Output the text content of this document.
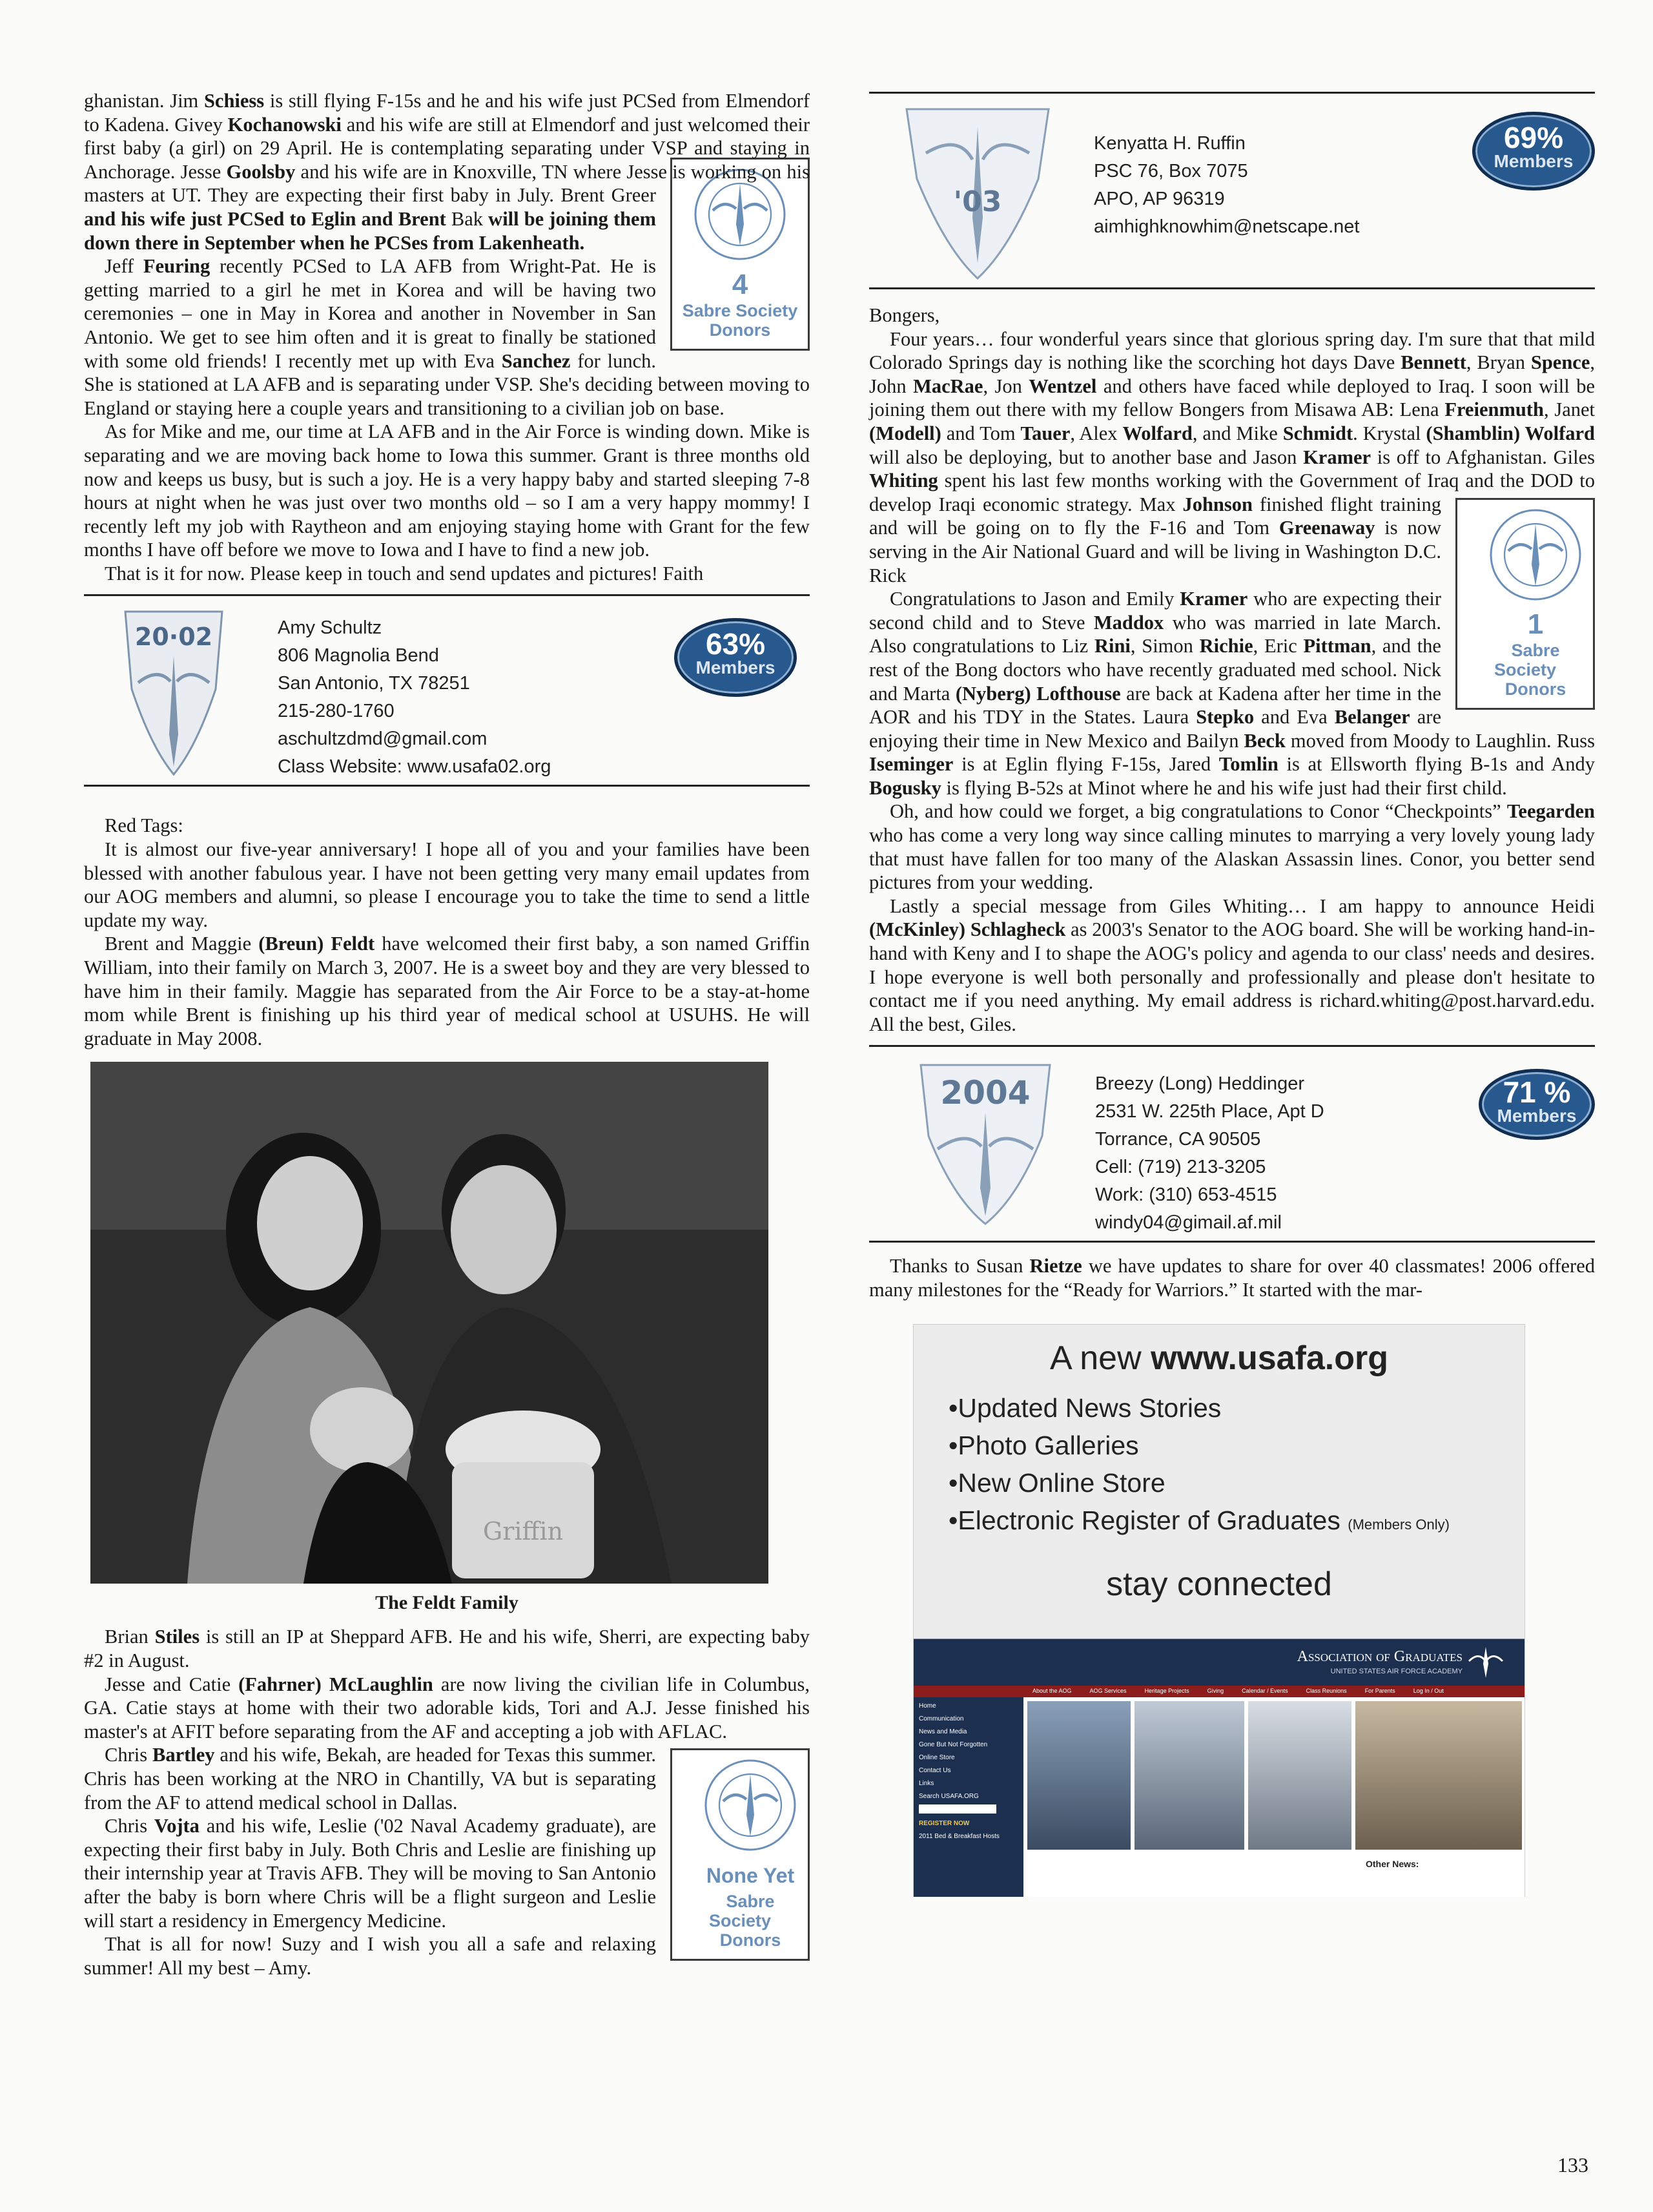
ghanistan. Jim Schiess is still flying F-15s and he and his wife just PCSed from Elmendorf to Kadena. Givey Kochanowski and his wife are still at Elmendorf and just welcomed their first baby (a girl) on 29 April. He is contemplating separating under VSP and staying in Anchorage. Jesse Goolsby and his wife are in Knoxville, TN where Jesse is working on his masters at UT. They are expecting their first baby in July. Brent
4
Sabre Society
Donors
Greer and his wife just PCSed to Eglin and Brent Bak will be joining them down there in September when he PCSes from Lakenheath.

Jeff Feuring recently PCSed to LA AFB from Wright-Pat. He is getting married to a girl he met in Korea and will be having two ceremonies – one in May in Korea and another in November in San Antonio. We get to see him often and it is great to finally be stationed with some old friends! I recently met up with Eva Sanchez for lunch. She is stationed at LA AFB and is separating under VSP. She's deciding between moving to England or staying here a couple years and transitioning to a civilian job on base.

As for Mike and me, our time at LA AFB and in the Air Force is winding down. Mike is separating and we are moving back home to Iowa this summer. Grant is three months old now and keeps us busy, but is such a joy. He is a very happy baby and started sleeping 7-8 hours at night when he was just over two months old – so I am a very happy mommy! I recently left my job with Raytheon and am enjoying staying home with Grant for the few months I have off before we move to Iowa and I have to find a new job.

That is it for now. Please keep in touch and send updates and pictures! Faith

20·02	Amy Schultz
806 Magnolia Bend
San Antonio, TX 78251
215-280-1760
aschultzdmd@gmail.com
Class Website: www.usafa02.org
63%
Members

Red Tags:

It is almost our five-year anniversary! I hope all of you and your families have been blessed with another fabulous year. I have not been getting very many email updates from our AOG members and alumni, so please I encourage you to take the time to send a little update my way.

Brent and Maggie (Breun) Feldt have welcomed their first baby, a son named Griffin William, into their family on March 3, 2007. He is a sweet boy and they are very blessed to have him in their family. Maggie has separated from the Air Force to be a stay-at-home mom while Brent is finishing up his third year of medical school at USUHS. He will graduate in May 2008.

Griffin
The Feldt Family

Brian Stiles is still an IP at Sheppard AFB. He and his wife, Sherri, are expecting baby #2 in August.

Jesse and Catie (Fahrner) McLaughlin are now living the civilian life in Columbus, GA. Catie stays at home with their two adorable kids, Tori and A.J. Jesse finished his master's at AFIT before separating from the AF and accepting a job with AFLAC.
None Yet
Sabre Society
Donors

Chris Bartley and his wife, Bekah, are headed for Texas this summer. Chris has been working at the NRO in Chantilly, VA but is separating from the AF to attend medical school in Dallas.

Chris Vojta and his wife, Leslie ('02 Naval Academy graduate), are expecting their first baby in July. Both Chris and Leslie are finishing up their internship year at Travis AFB. They will be moving to San Antonio after the baby is born where Chris will be a flight surgeon and Leslie will start a residency in Emergency Medicine.

That is all for now! Suzy and I wish you all a safe and relaxing summer! All my best – Amy.

'03
Kenyatta H. Ruffin
PSC 76, Box 7075
APO, AP 96319
aimhighknowhim@netscape.net
69%
Members

Bongers,

Four years… four wonderful years since that glorious spring day. I'm sure that that mild Colorado Springs day is nothing like the scorching hot days Dave Bennett, Bryan Spence, John MacRae, Jon Wentzel and others have faced while deployed to Iraq. I soon will be joining them out there with my fellow Bongers from Misawa AB: Lena Freienmuth, Janet (Modell) and Tom Tauer, Alex Wolfard, and Mike Schmidt. Krystal (Shamblin) Wolfard will also be deploying, but to another base and Jason Kramer is off to Afghanistan. Giles Whiting spent his last few months working with the Government of Iraq and the DOD to develop Iraqi economic strategy. Max
1
Sabre Society
Donors
Johnson finished flight training and will be going on to fly the F-16 and Tom Greenaway is now serving in the Air National Guard and will be living in Washington D.C. Rick

Congratulations to Jason and Emily Kramer who are expecting their second child and to Steve Maddox who was married in late March. Also congratulations to Liz Rini, Simon Richie, Eric Pittman, and the rest of the Bong doctors who have recently graduated med school. Nick and Marta (Nyberg) Lofthouse are back at Kadena after her time in the AOR and his TDY in the States. Laura Stepko and Eva Belanger are enjoying their time in New Mexico and Bailyn Beck moved from Moody to Laughlin. Russ Iseminger is at Eglin flying F-15s, Jared Tomlin is at Ellsworth flying B-1s and Andy Bogusky is flying B-52s at Minot where he and his wife just had their first child.

Oh, and how could we forget, a big congratulations to Conor “Checkpoints” Teegarden who has come a very long way since calling minutes to marrying a very lovely young lady that must have fallen for too many of the Alaskan Assassin lines. Conor, you better send pictures from your wedding.

Lastly a special message from Giles Whiting… I am happy to announce Heidi (McKinley) Schlagheck as 2003's Senator to the AOG board. She will be working hand-in-hand with Keny and I to shape the AOG's policy and agenda to our class' needs and desires. I hope everyone is well both personally and professionally and please don't hesitate to contact me if you need anything. My email address is richard.whiting@post.harvard.edu. All the best, Giles.

2004	Breezy (Long) Heddinger
2531 W. 225th Place, Apt D
Torrance, CA 90505
Cell: (719) 213-3205
Work: (310) 653-4515
windy04@gimail.af.mil
71 %
Members

Thanks to Susan Rietze we have updates to share for over 40 classmates! 2006 offered many milestones for the “Ready for Warriors.” It started with the mar-

A new www.usafa.org
•Updated News Stories
•Photo Galleries
•New Online Store
•Electronic Register of Graduates (Members Only)
stay connected
Association of Graduates
UNITED STATES AIR FORCE ACADEMY
About the AOG	AOG Services	Heritage Projects	Giving	Calendar / Events	Class Reunions	For Parents	Log In / Out
Home
Communication
News and Media
Gone But Not Forgotten
Online Store
Contact Us
Links
Search USAFA.ORG
REGISTER NOW
2011 Bed & Breakfast Hosts
Other News:
133
